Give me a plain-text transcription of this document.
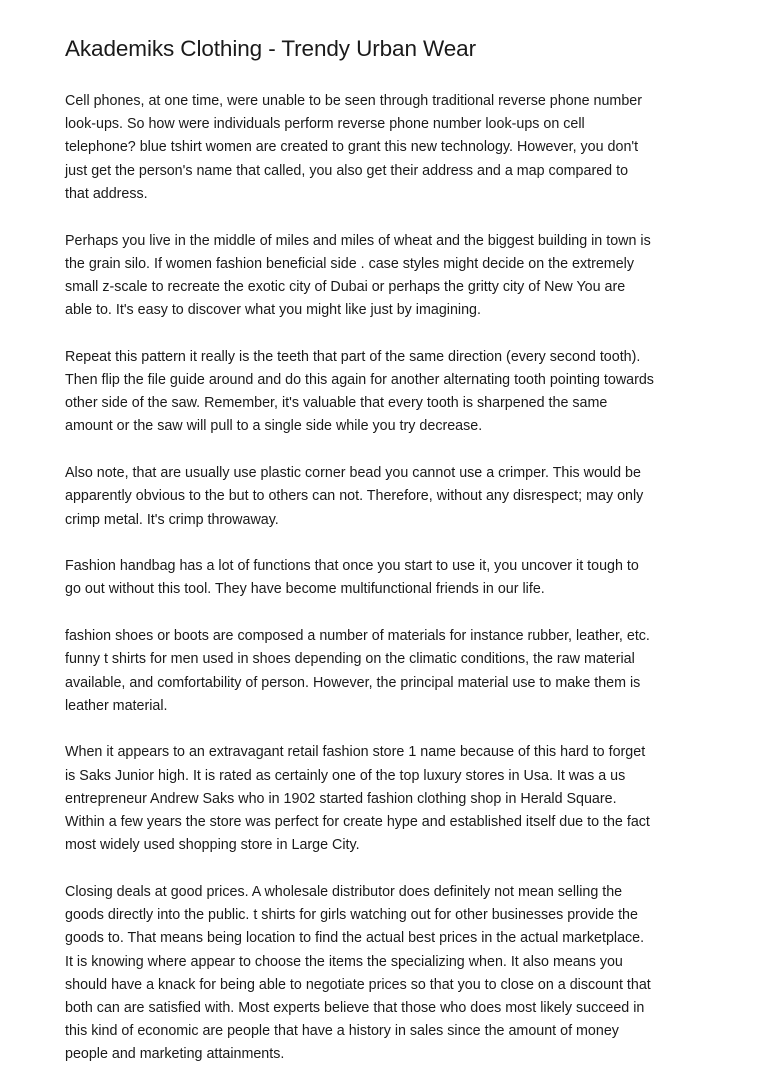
Akademiks Clothing - Trendy Urban Wear

Cell phones, at one time, were unable to be seen through traditional reverse phone number
look-ups. So how were individuals perform reverse phone number look-ups on cell
telephone? blue tshirt women are created to grant this new technology. However, you don't
just get the person's name that called, you also get their address and a map compared to
that address.

Perhaps you live in the middle of miles and miles of wheat and the biggest building in town is
the grain silo. If women fashion beneficial side . case styles might decide on the extremely
small z-scale to recreate the exotic city of Dubai or perhaps the gritty city of New You are
able to. It's easy to discover what you might like just by imagining.

Repeat this pattern it really is the teeth that part of the same direction (every second tooth).
Then flip the file guide around and do this again for another alternating tooth pointing towards
other side of the saw. Remember, it's valuable that every tooth is sharpened the same
amount or the saw will pull to a single side while you try decrease.

Also note, that are usually use plastic corner bead you cannot use a crimper. This would be
apparently obvious to the but to others can not. Therefore, without any disrespect; may only
crimp metal. It's crimp throwaway.

Fashion handbag has a lot of functions that once you start to use it, you uncover it tough to
go out without this tool. They have become multifunctional friends in our life.

fashion shoes or boots are composed a number of materials for instance rubber, leather, etc.
funny t shirts for men used in shoes depending on the climatic conditions, the raw material
available, and comfortability of person. However, the principal material use to make them is
leather material.

When it appears to an extravagant retail fashion store 1 name because of this hard to forget
is Saks Junior high. It is rated as certainly one of the top luxury stores in Usa. It was a us
entrepreneur Andrew Saks who in 1902 started fashion clothing shop in Herald Square.
Within a few years the store was perfect for create hype and established itself due to the fact
most widely used shopping store in Large City.

Closing deals at good prices. A wholesale distributor does definitely not mean selling the
goods directly into the public. t shirts for girls watching out for other businesses provide the
goods to. That means being location to find the actual best prices in the actual marketplace.
It is knowing where appear to choose the items the specializing when. It also means you
should have a knack for being able to negotiate prices so that you to close on a discount that
both can are satisfied with. Most experts believe that those who does most likely succeed in
this kind of economic are people that have a history in sales since the amount of money
people and marketing attainments.
